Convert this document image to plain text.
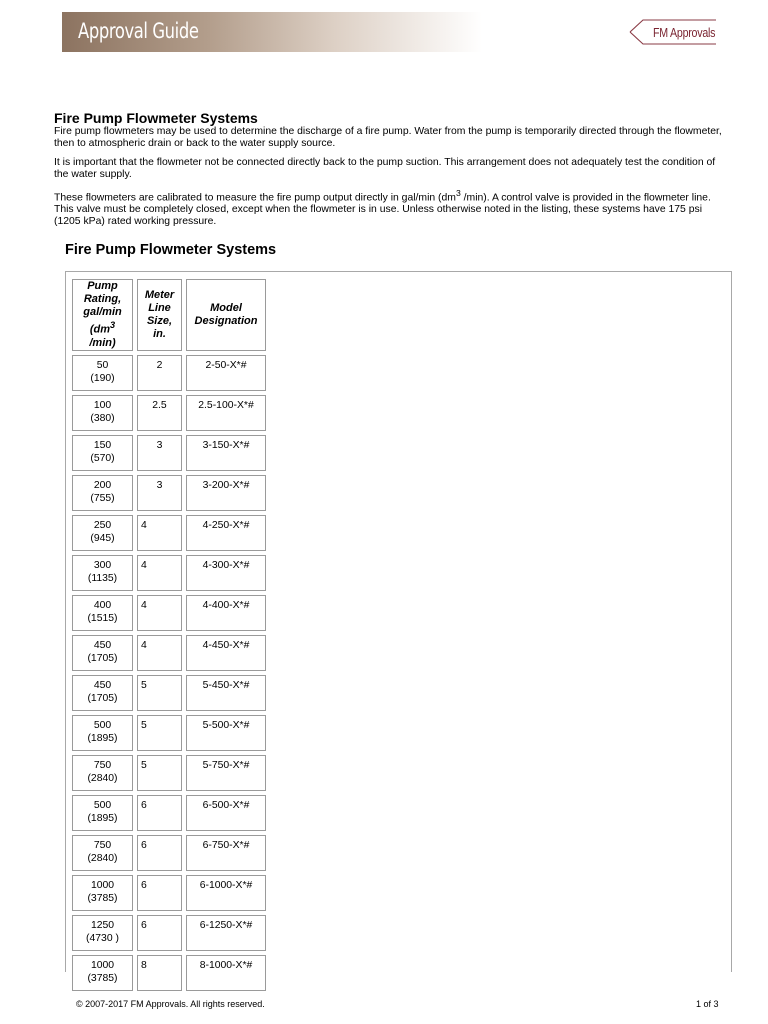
Approval Guide	FM Approvals
Fire Pump Flowmeter Systems

Fire pump flowmeters may be used to determine the discharge of a fire pump. Water from the pump is temporarily directed through the flowmeter, then to atmospheric drain or back to the water supply source.

It is important that the flowmeter not be connected directly back to the pump suction. This arrangement does not adequately test the condition of the water supply.

These flowmeters are calibrated to measure the fire pump output directly in gal/min ($dm^3$ /min). A control valve is provided in the flowmeter line. This valve must be completely closed, except when the flowmeter is in use. Unless otherwise noted in the listing, these systems have 175 psi (1205 kPa) rated working pressure.

Fire Pump Flowmeter Systems
Pump
Rating,
gal/min
($dm^3$
/min)	Meter
Line
Size,
in.	Model
Designation
50
(190)	2	2-50-X*#
100
(380)	2.5	2.5-100-X*#
150
(570)	3	3-150-X*#
200
(755)	3	3-200-X*#
250
(945)	4	4-250-X*#
300
(1135)	4	4-300-X*#
400
(1515)	4	4-400-X*#
450
(1705)	4	4-450-X*#
450
(1705)	5	5-450-X*#
500
(1895)	5	5-500-X*#
750
(2840)	5	5-750-X*#
500
(1895)	6	6-500-X*#
750
(2840)	6	6-750-X*#
1000
(3785)	6	6-1000-X*#
1250
(4730 )	6	6-1250-X*#
1000
(3785)	8	8-1000-X*#
© 2007-2017 FM Approvals. All rights reserved.	1 of 3
